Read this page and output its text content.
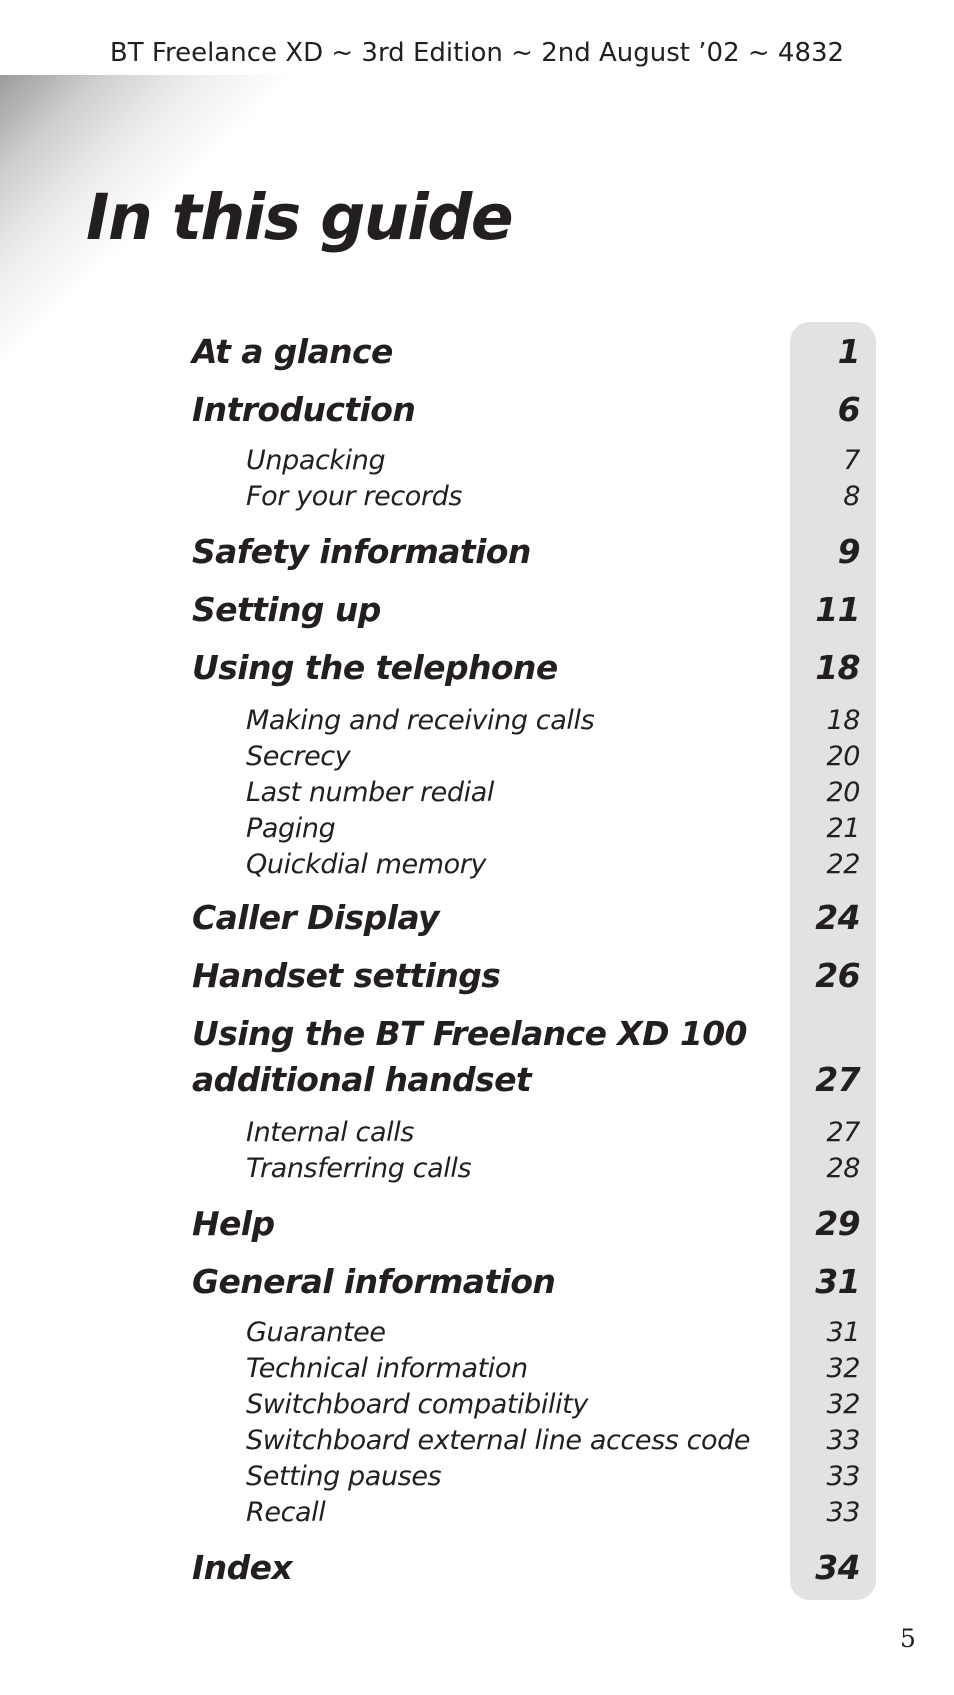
BT Freelance XD ~ 3rd Edition ~ 2nd August ’02 ~ 4832
In this guide
At a glance	1
Introduction	6
Unpacking	7
For your records	8
Safety information	9
Setting up	11
Using the telephone	18
Making and receiving calls	18
Secrecy	20
Last number redial	20
Paging	21
Quickdial memory	22
Caller Display	24
Handset settings	26
Using the BT Freelance XD 100
additional handset	27
Internal calls	27
Transferring calls	28
Help	29
General information	31
Guarantee	31
Technical information	32
Switchboard compatibility	32
Switchboard external line access code	33
Setting pauses	33
Recall	33
Index	34
5
